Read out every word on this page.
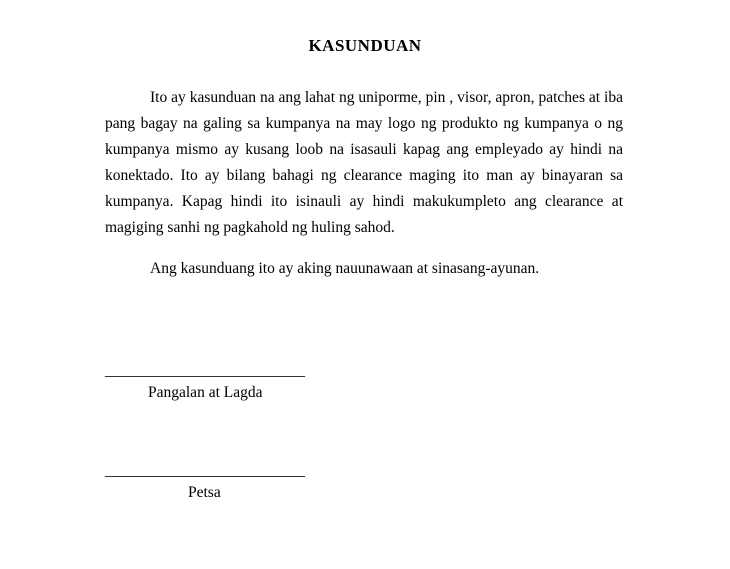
KASUNDUAN

Ito ay kasunduan na ang lahat ng uniporme, pin , visor, apron, patches at iba pang bagay na galing sa kumpanya na may logo ng produkto ng kumpanya o ng kumpanya mismo ay kusang loob na isasauli kapag ang empleyado ay hindi na konektado. Ito ay bilang bahagi ng clearance maging ito man ay binayaran sa kumpanya. Kapag hindi ito isinauli ay hindi makukumpleto ang clearance at magiging sanhi ng pagkahold ng huling sahod.

Ang kasunduang ito ay aking nauunawaan at sinasang-ayunan.

_________________________
Pangalan at Lagda
_________________________
Petsa
